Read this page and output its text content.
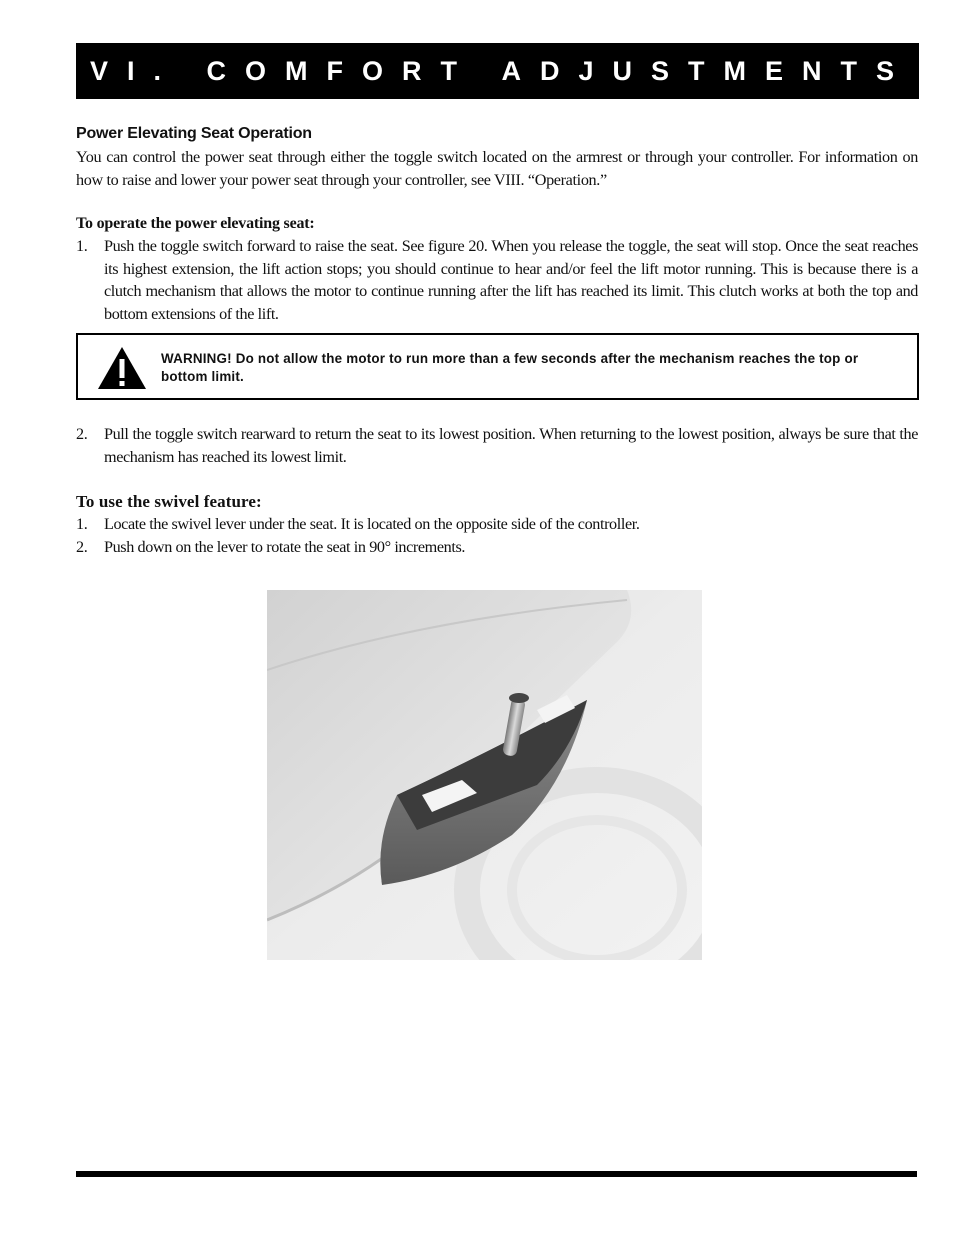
VI. COMFORT ADJUSTMENTS
Power Elevating Seat Operation

You can control the power seat through either the toggle switch located on the armrest or through your controller. For information on how to raise and lower your power seat through your controller, see VIII. “Operation.”

To operate the power elevating seat:
1.	Push the toggle switch forward to raise the seat. See figure 20. When you release the toggle, the seat will stop. Once the seat reaches its highest extension, the lift action stops; you should continue to hear and/or feel the lift motor running. This is because there is a clutch mechanism that allows the motor to continue running after the lift has reached its limit. This clutch works at both the top and bottom extensions of the lift.
WARNING! Do not allow the motor to run more than a few seconds after the mechanism reaches the top or bottom limit.
2.	Pull the toggle switch rearward to return the seat to its lowest position. When returning to the lowest position, always be sure that the mechanism has reached its lowest limit.
To use the swivel feature:
1.	Locate the swivel lever under the seat. It is located on the opposite side of the controller.
2.	Push down on the lever to rotate the seat in 90° increments.
